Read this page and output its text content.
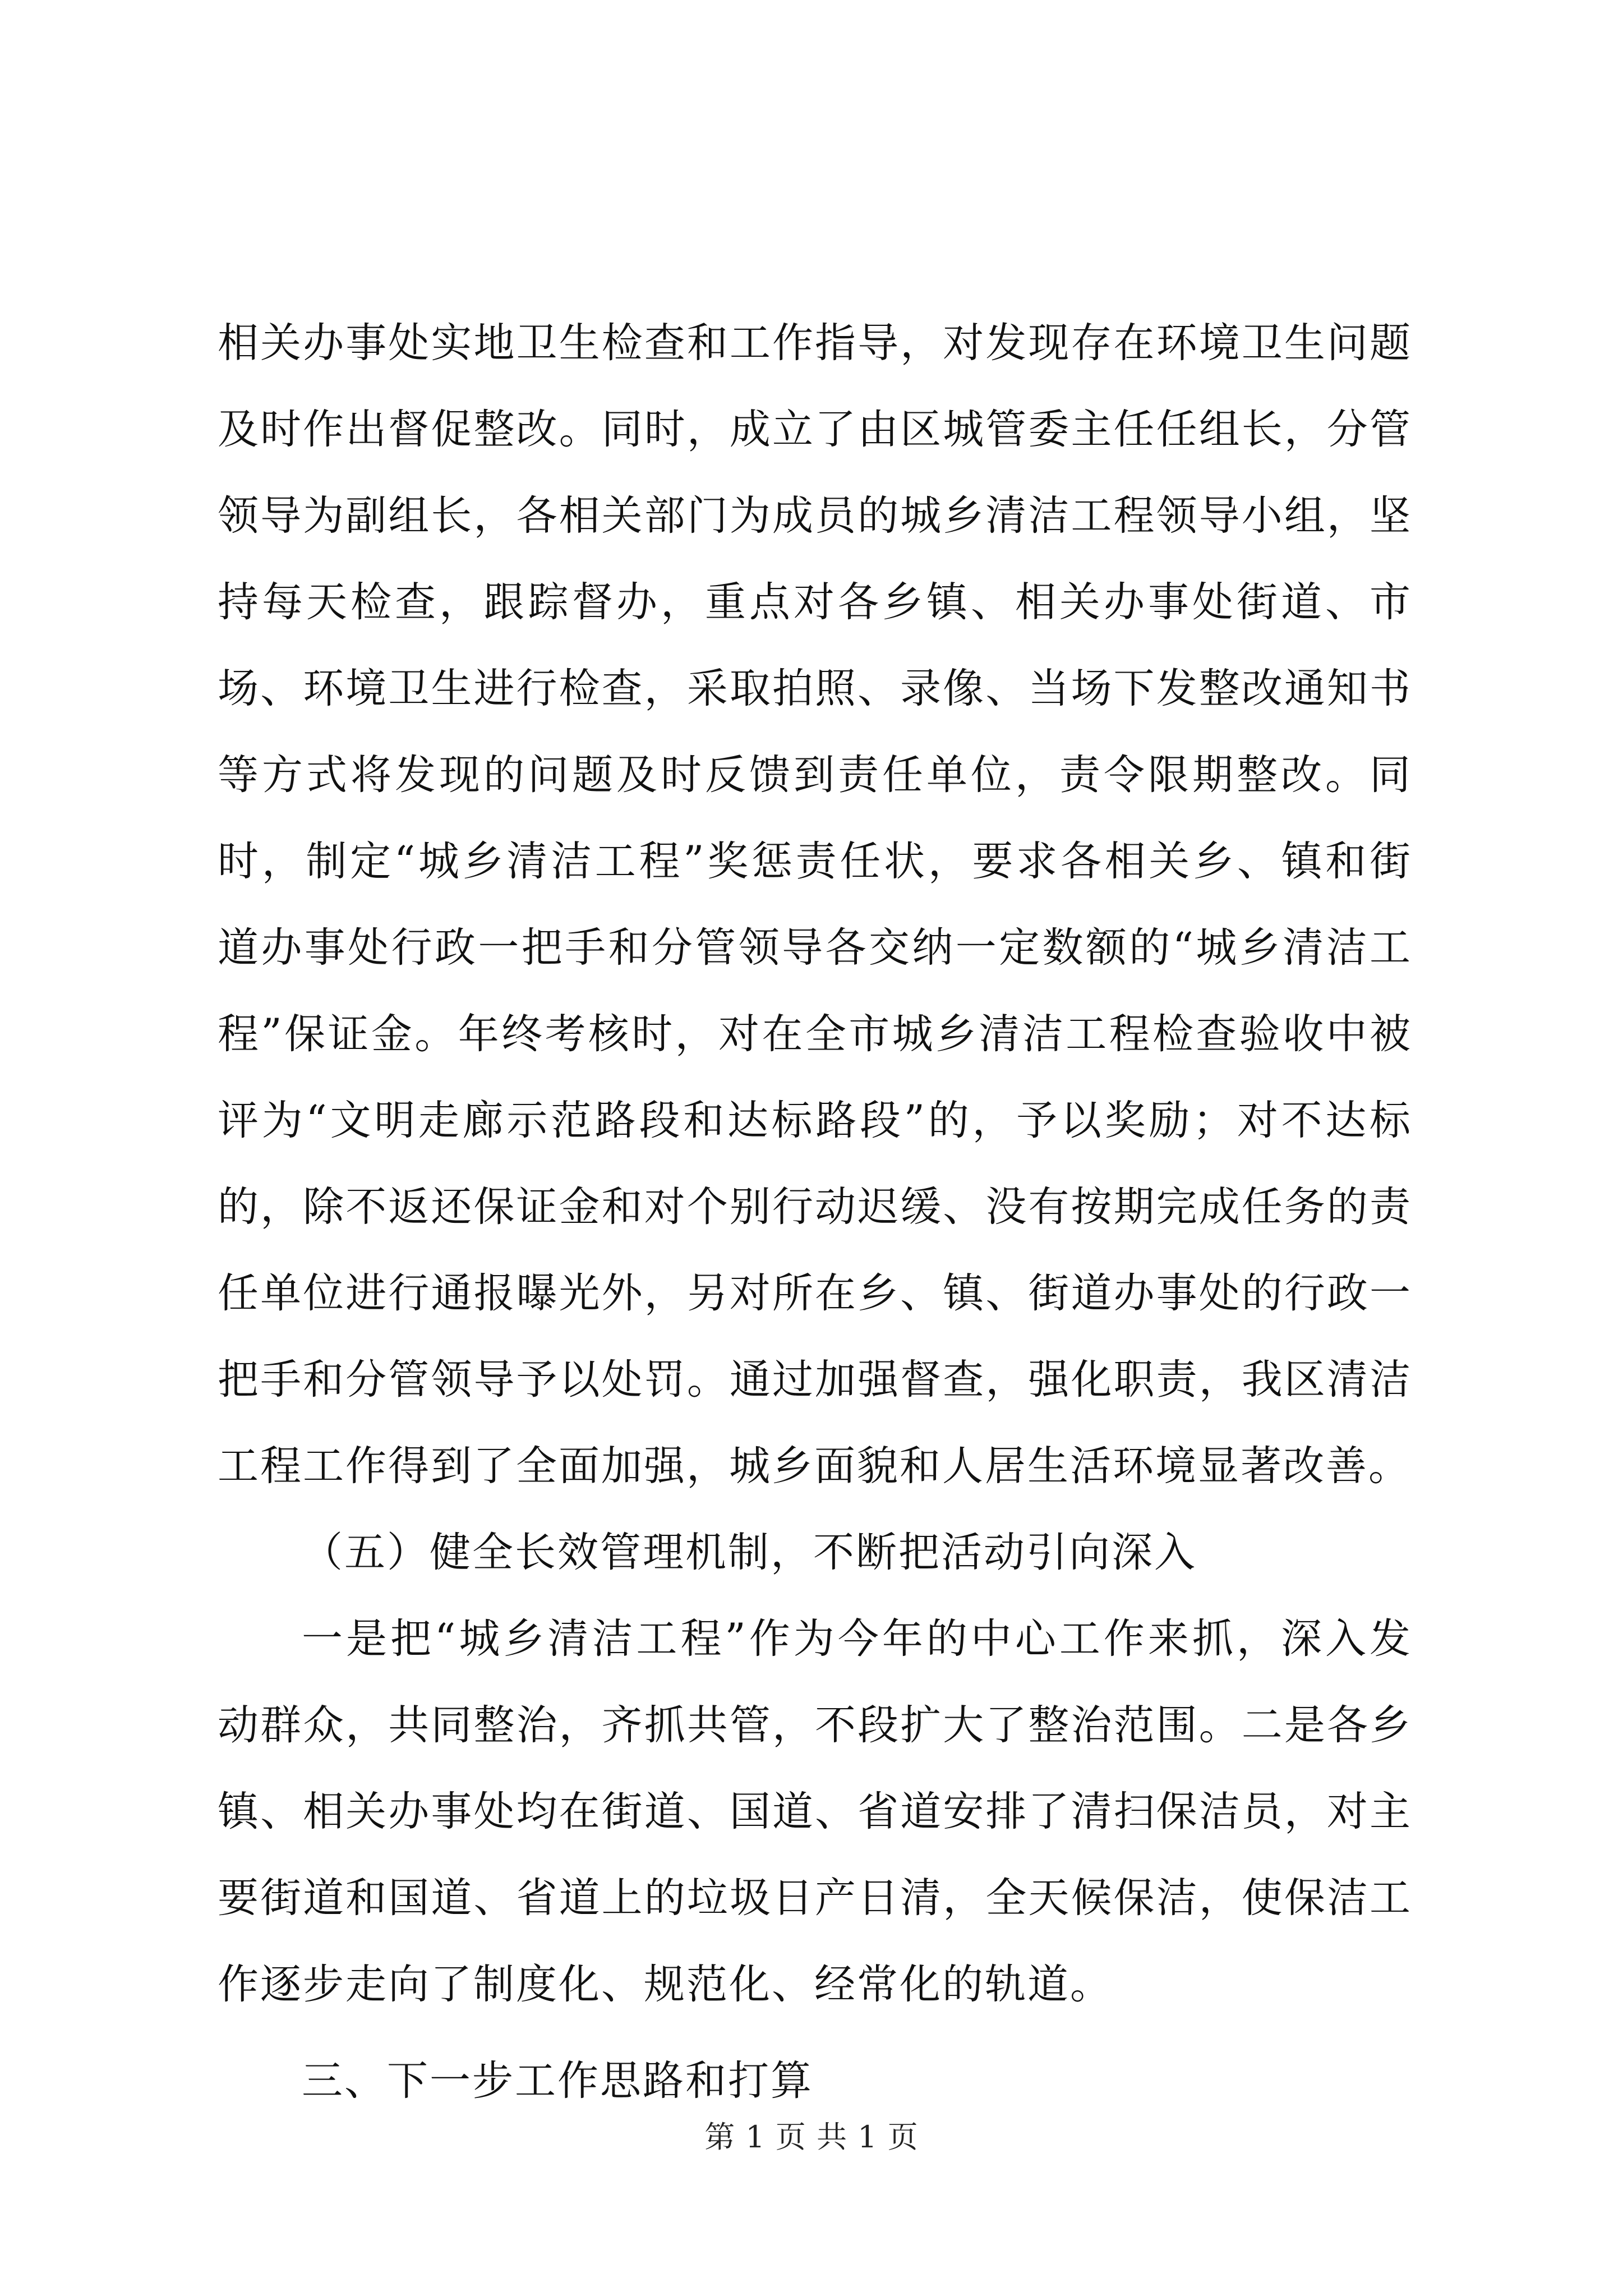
相关办事处实地卫生检查和工作指导，对发现存在环境卫生问题及时作出督促整改。同时，成立了由区城管委主任任组长，分管领导为副组长，各相关部门为成员的城乡清洁工程领导小组，坚持每天检查，跟踪督办，重点对各乡镇、相关办事处街道、市场、环境卫生进行检查，采取拍照、录像、当场下发整改通知书等方式将发现的问题及时反馈到责任单位，责令限期整改。同时，制定“城乡清洁工程”奖惩责任状，要求各相关乡、镇和街道办事处行政一把手和分管领导各交纳一定数额的“城乡清洁工程”保证金。年终考核时，对在全市城乡清洁工程检查验收中被评为“文明走廊示范路段和达标路段”的，予以奖励；对不达标的，除不返还保证金和对个别行动迟缓、没有按期完成任务的责任单位进行通报曝光外，另对所在乡、镇、街道办事处的行政一把手和分管领导予以处罚。通过加强督查，强化职责，我区清洁工程工作得到了全面加强，城乡面貌和人居生活环境显著改善。

（五）健全长效管理机制，不断把活动引向深入

一是把“城乡清洁工程”作为今年的中心工作来抓，深入发动群众，共同整治，齐抓共管，不段扩大了整治范围。二是各乡镇、相关办事处均在街道、国道、省道安排了清扫保洁员，对主要街道和国道、省道上的垃圾日产日清，全天候保洁，使保洁工作逐步走向了制度化、规范化、经常化的轨道。

三、下一步工作思路和打算

第 1 页 共 1 页
